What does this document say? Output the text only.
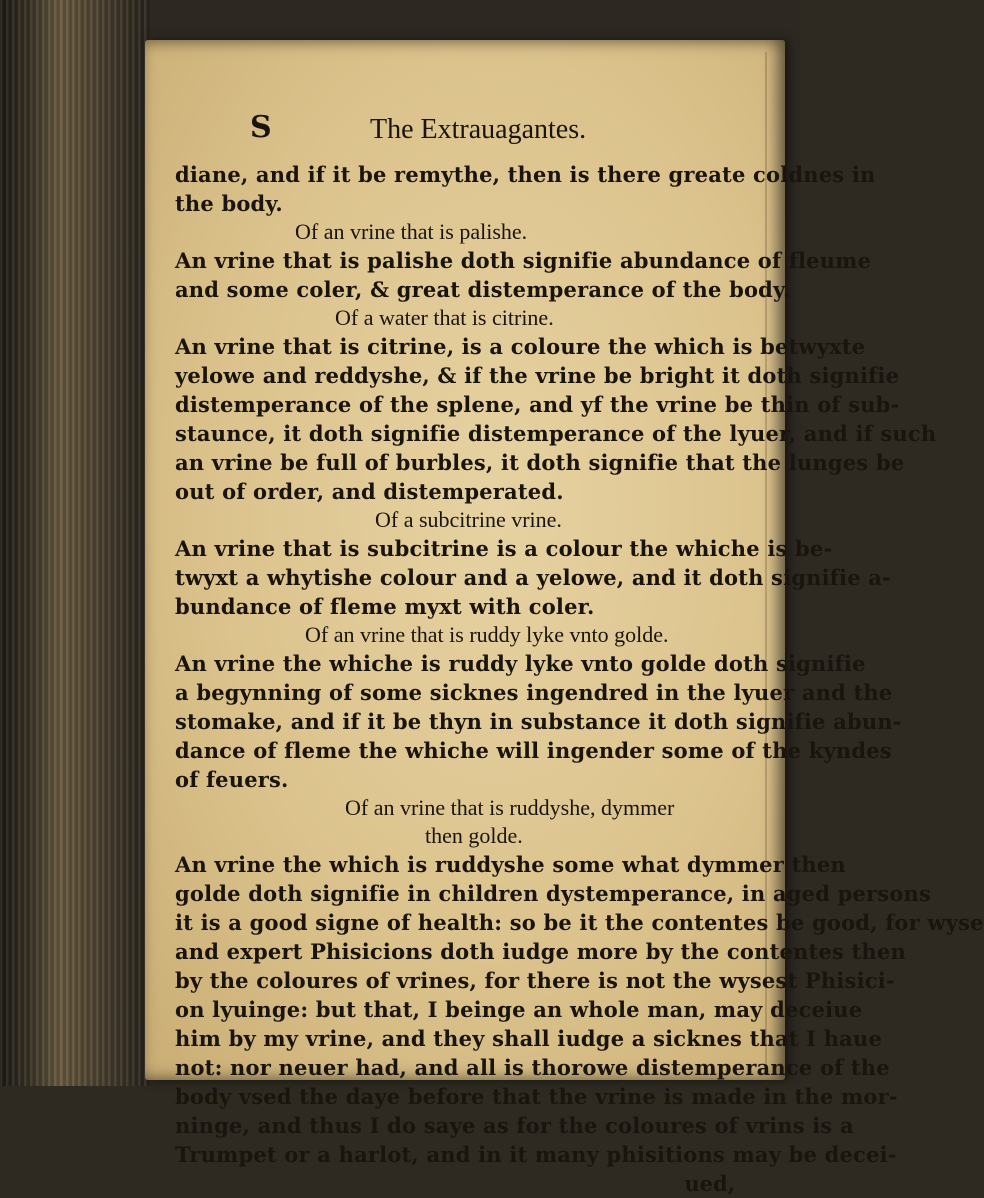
S	The Extrauagantes.

diane, and if it be remythe, then is there greate coldnes in

the body.

Of an vrine that is palishe.

An vrine that is palishe doth signifie abundance of fleume

and some coler, & great distemperance of the body.

Of a water that is citrine.

An vrine that is citrine, is a coloure the which is betwyxte

yelowe and reddyshe, & if the vrine be bright it doth signifie

distemperance of the splene, and yf the vrine be thin of sub-

staunce, it doth signifie distemperance of the lyuer, and if such

an vrine be full of burbles, it doth signifie that the lunges be

out of order, and distemperated.

Of a subcitrine vrine.

An vrine that is subcitrine is a colour the whiche is be-

twyxt a whytishe colour and a yelowe, and it doth signifie a-

bundance of fleme myxt with coler.

Of an vrine that is ruddy lyke vnto golde.

An vrine the whiche is ruddy lyke vnto golde doth signifie

a begynning of some sicknes ingendred in the lyuer and the

stomake, and if it be thyn in substance it doth signifie abun-

dance of fleme the whiche will ingender some of the kyndes

of feuers.

Of an vrine that is ruddyshe, dymmer

then golde.

An vrine the which is ruddyshe some what dymmer then

golde doth signifie in children dystemperance, in aged persons

it is a good signe of health: so be it the contentes be good, for wyse

and expert Phisicions doth iudge more by the contentes then

by the coloures of vrines, for there is not the wysest Phisici-

on lyuinge: but that, I beinge an whole man, may deceiue

him by my vrine, and they shall iudge a sicknes that I haue

not: nor neuer had, and all is thorowe distemperance of the

body vsed the daye before that the vrine is made in the mor-

ninge, and thus I do saye as for the coloures of vrins is a

Trumpet or a harlot, and in it many phisitions may be decei-

ued,
